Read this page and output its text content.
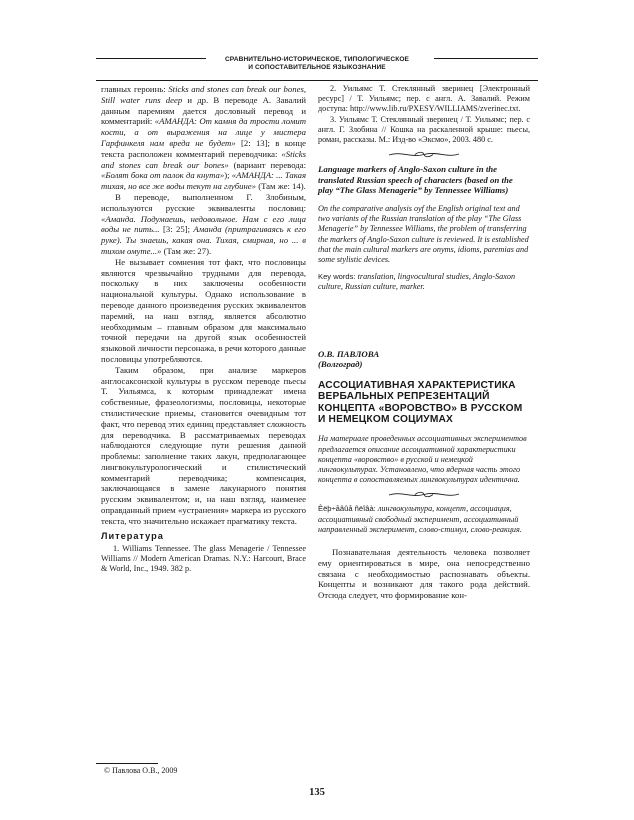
СРАВНИТЕЛЬНО-ИСТОРИЧЕСКОЕ, ТИПОЛОГИЧЕСКОЕ
И СОПОСТАВИТЕЛЬНОЕ ЯЗЫКОЗНАНИЕ

главных героинь: Sticks and stones can break our bones, Still water runs deep и др. В переводе А. Завалий данным паремиям дается дословный перевод и комментарий: «АМАНДА: От камня да трости ломит кости, а от выражения на лице у мистера Гарфинкеля нам вреда не будет» [2: 13]; в конце текста расположен комментарий переводчика: «Sticks and stones can break our bones» (вариант перевода: «Болят бока от палок да кнута»); «АМАНДА: ... Такая тихая, но все же воды текут на глубине» (Там же: 14).

В переводе, выполненном Г. Злобиным, используются русские эквиваленты пословиц: «Аманда. Подумаешь, недовольное. Нам с его лица воды не пить... [3: 25]; Аманда (притрагиваясь к его руке). Ты знаешь, какая она. Тихая, смирная, но ... в тихом омуте...» (Там же: 27).

Не вызывает сомнения тот факт, что пословицы являются чрезвычайно трудными для перевода, поскольку в них заключены особенности национальной культуры. Однако использование в переводе данного произведения русских эквивалентов паремий, на наш взгляд, является абсолютно необходимым – главным образом для максимально точной передачи на другой язык особенностей языковой личности персонажа, в речи которого данные пословицы употребляются.

Таким образом, при анализе маркеров англосаксонской культуры в русском переводе пьесы Т. Уильямса, к которым принадлежат имена собственные, фразеологизмы, пословицы, некоторые стилистические приемы, становится очевидным тот факт, что перевод этих единиц представляет сложность для переводчика. В рассматриваемых переводах наблюдаются следующие пути решения данной проблемы: заполнение таких лакун, предполагающее лингвокультурологический и стилистический комментарий переводчика; компенсация, заключающаяся в замене лакунарного понятия русским эквивалентом; и, на наш взгляд, наименее оправданный прием «устранения» маркера из русского текста, что значительно искажает прагматику текста.

Литература

1. Williams Tennessee. The glass Menagerie / Tennessee Williams // Modern American Dramas. N.Y.: Harcourt, Brace & World, Inc., 1949. 382 p.

2. Уильямс Т. Стеклянный зверинец [Электронный ресурс] / Т. Уильямс; пер. с англ. А. Завалий. Режим доступа: http://www.lib.ru/PXESY/WILLIAMS/zverinec.txt.

3. Уильямс Т. Стеклянный зверинец / Т. Уильямс; пер. с англ. Г. Злобина // Кошка на раскаленной крыше: пьесы, роман, рассказы. М.: Изд-во «Эксмо», 2003. 480 с.

Language markers of Anglo-Saxon culture in the translated Russian speech of characters (based on the play “The Glass Menagerie” by Tennessee Williams)
On the comparative analysis oyf the English original text and two variants of the Russian translation of the play “The Glass Menagerie” by Tennessee Williams, the problem of transferring the markers of Anglo-Saxon culture is reviewed. It is established that the main cultural markers are onyms, idioms, paremias and some stylistic devices.
Key words: translation, lingvocultural studies, Anglo-Saxon culture, Russian culture, marker.
О.В. ПАВЛОВА
(Волгоград)
АССОЦИАТИВНАЯ ХАРАКТЕРИСТИКА ВЕРБАЛЬНЫХ РЕПРЕЗЕНТАЦИЙ КОНЦЕПТА «ВОРОВСТВО» В РУССКОМ И НЕМЕЦКОМ СОЦИУМАХ
На материале проведенных ассоциативных экспериментов предлагается описание ассоциативной характеристики концепта «воровство» в русской и немецкой лингвокультурах. Установлено, что ядерная часть этого концепта в сопоставляемых лингвокультурах идентична.
Êëþ÷åâûå ñëîâà: лингвокультура, концепт, ассоциация, ассоциативный свободный эксперимент, ассоциативный направленный эксперимент, слово-стимул, слово-реакция.

Познавательная деятельность человека позволяет ему ориентироваться в мире, она непосредственно связана с необходимостью распознавать объекты. Концепты и возникают для такого рода действий. Отсюда следует, что формирование кон-

© Павлова О.В., 2009
135
